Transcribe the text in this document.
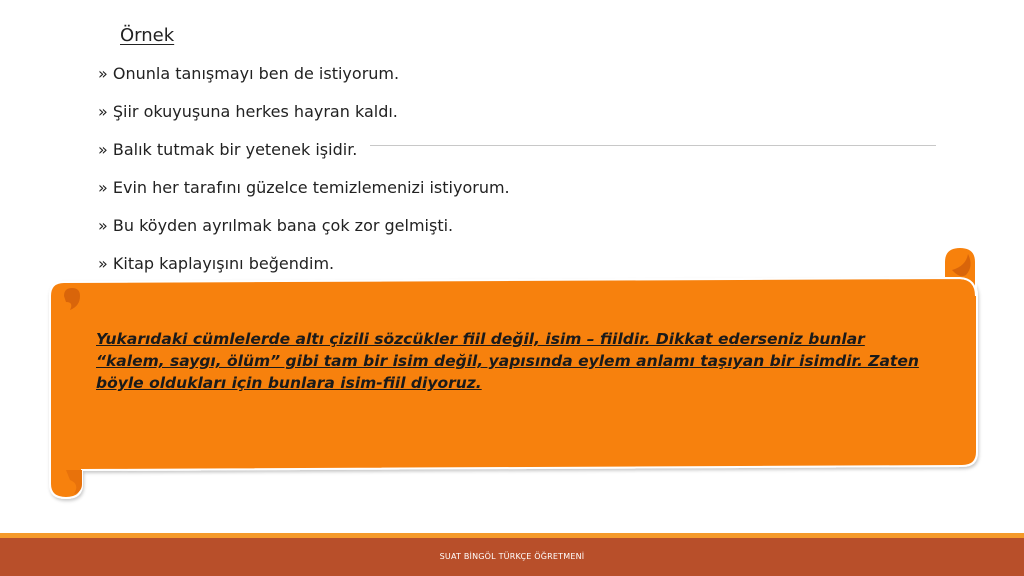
Örnek
» Onunla tanışmayı ben de istiyorum.
» Şiir okuyuşuna herkes hayran kaldı.
» Balık tutmak bir yetenek işidir.
» Evin her tarafını güzelce temizlemenizi istiyorum.
» Bu köyden ayrılmak bana çok zor gelmişti.
» Kitap kaplayışını beğendim.

Yukarıdaki cümlelerde altı çizili sözcükler fiil değil, isim – fiildir. Dikkat ederseniz bunlar “kalem, saygı, ölüm” gibi tam bir isim değil, yapısında eylem anlamı taşıyan bir isimdir. Zaten böyle oldukları için bunlara isim-fiil diyoruz.

SUAT BİNGÖL TÜRKÇE ÖĞRETMENİ
